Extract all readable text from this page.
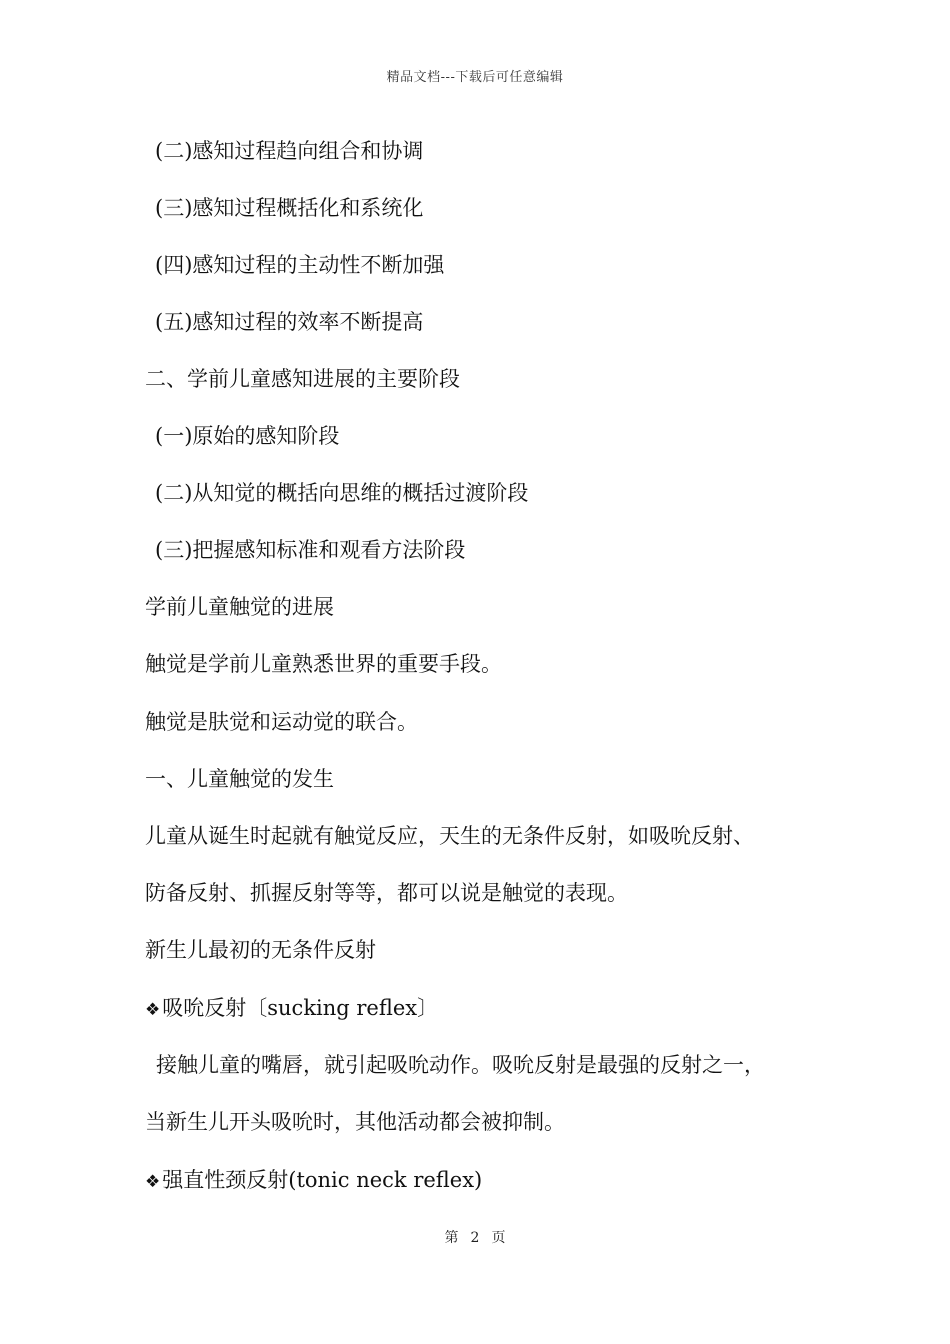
精品文档---下载后可任意编辑
(二)感知过程趋向组合和协调
(三)感知过程概括化和系统化
(四)感知过程的主动性不断加强
(五)感知过程的效率不断提高
二、学前儿童感知进展的主要阶段
(一)原始的感知阶段
(二)从知觉的概括向思维的概括过渡阶段
(三)把握感知标准和观看方法阶段
学前儿童触觉的进展
触觉是学前儿童熟悉世界的重要手段。
触觉是肤觉和运动觉的联合。
一、儿童触觉的发生
儿童从诞生时起就有触觉反应，天生的无条件反射，如吸吮反射、
防备反射、抓握反射等等，都可以说是触觉的表现。
新生儿最初的无条件反射
❖吸吮反射〔sucking reflex〕
接触儿童的嘴唇，就引起吸吮动作。吸吮反射是最强的反射之一，
当新生儿开头吸吮时，其他活动都会被抑制。
❖强直性颈反射(tonic neck reflex)
第 2 页
